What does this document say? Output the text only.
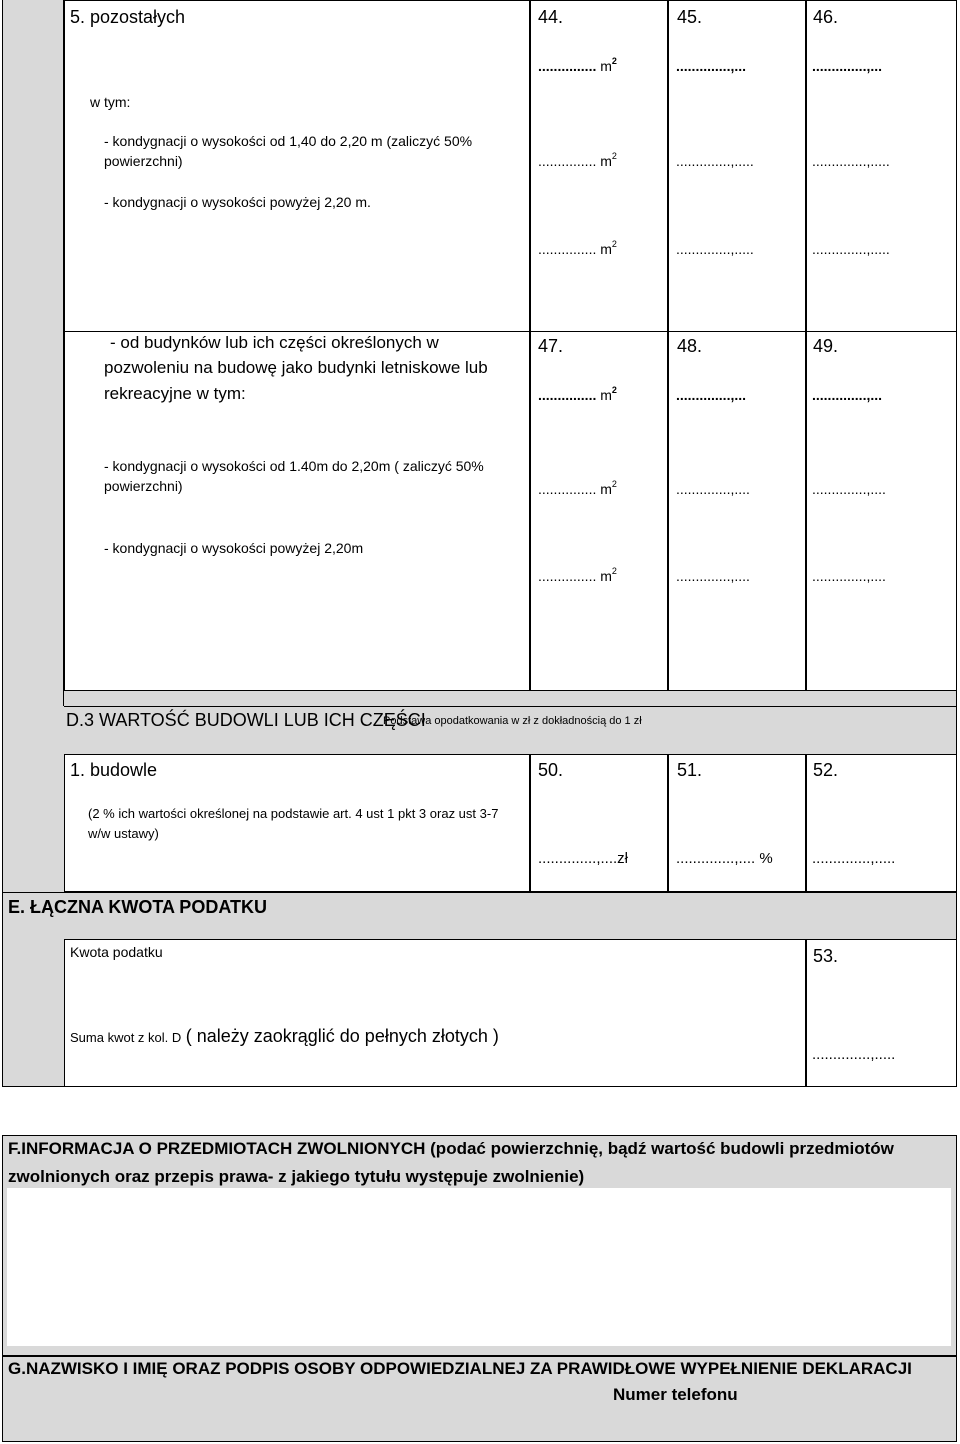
5. pozostałych
w tym:
- kondygnacji o wysokości od 1,40 do 2,20 m (zaliczyć 50%
powierzchni)
- kondygnacji o wysokości powyżej 2,20 m.
44.	45.	46.
............... $m^2$	..............,...	..............,...
............... $m^2$	..............,.....	..............,.....
............... $m^2$	..............,.....	..............,.....
- od budynków lub ich części określonych w
pozwoleniu na budowę jako budynki letniskowe lub
rekreacyjne w tym:
- kondygnacji o wysokości od 1.40m do 2,20m ( zaliczyć 50%
powierzchni)
- kondygnacji o wysokości powyżej 2,20m
47.	48.	49.
............... $m^2$	..............,...	..............,...
............... $m^2$	..............,....	..............,....
............... $m^2$	..............,....	..............,....
D.3 WARTOŚĆ BUDOWLI LUB ICH CZĘŚCI
Podstawa opodatkowania w zł z dokładnością do 1 zł
1. budowle
(2 % ich wartości określonej na podstawie art. 4 ust 1 pkt 3 oraz ust 3-7
w/w ustawy)
50.	51.	52.
..............,....zł	..............,.... %	..............,.....
E. ŁĄCZNA KWOTA PODATKU
Kwota podatku
Suma kwot z kol. D ( należy zaokrąglić do pełnych złotych )
53.
..............,.....
F.INFORMACJA O PRZEDMIOTACH ZWOLNIONYCH (podać powierzchnię, bądź wartość budowli przedmiotów
zwolnionych oraz przepis prawa- z jakiego tytułu występuje zwolnienie)
G.NAZWISKO I IMIĘ ORAZ PODPIS OSOBY ODPOWIEDZIALNEJ ZA PRAWIDŁOWE WYPEŁNIENIE DEKLARACJI
Numer telefonu
